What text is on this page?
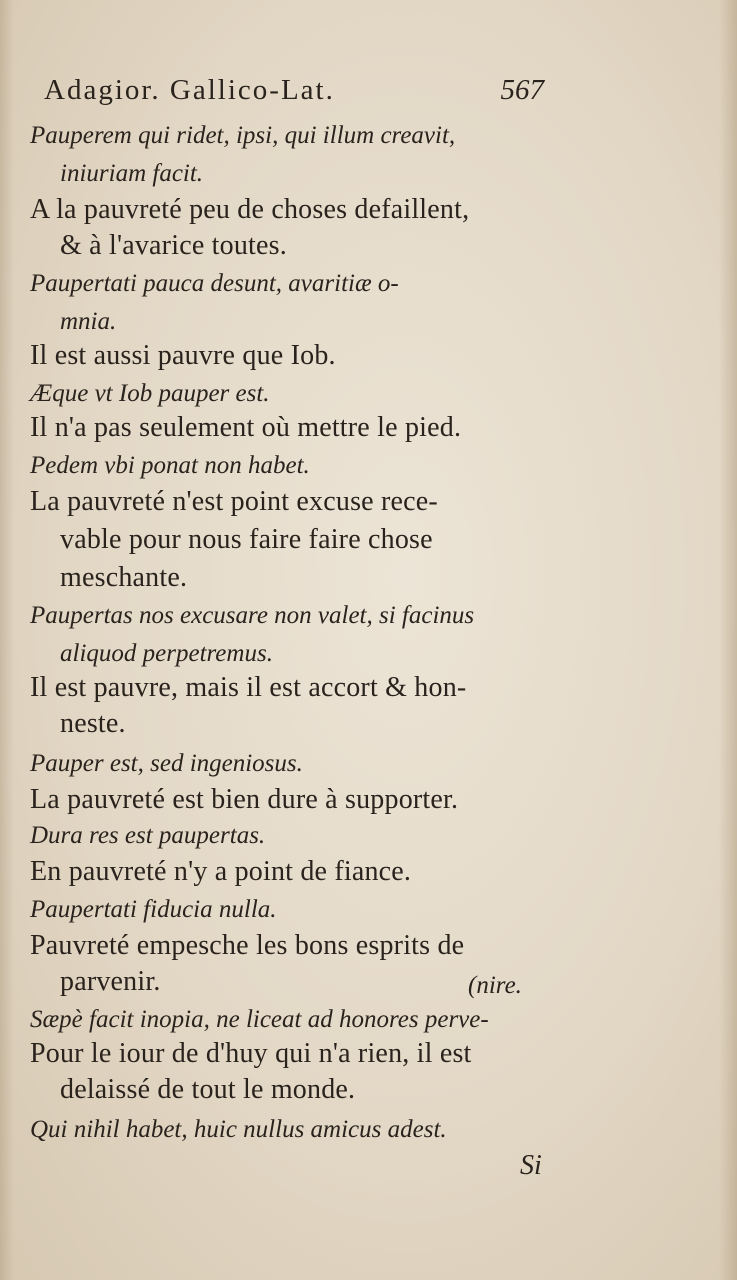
Adagior. Gallico-Lat.	567
Pauperem qui ridet, ipsi, qui illum creavit,
iniuriam facit.
A la pauvreté peu de choses defaillent,
& à l'avarice toutes.
Paupertati pauca desunt, avaritiæ o-
mnia.
Il est aussi pauvre que Iob.
Æque vt Iob pauper est.
Il n'a pas seulement où mettre le pied.
Pedem vbi ponat non habet.
La pauvreté n'est point excuse rece-
vable pour nous faire faire chose
meschante.
Paupertas nos excusare non valet, si facinus
aliquod perpetremus.
Il est pauvre, mais il est accort & hon-
neste.
Pauper est, sed ingeniosus.
La pauvreté est bien dure à supporter.
Dura res est paupertas.
En pauvreté n'y a point de fiance.
Paupertati fiducia nulla.
Pauvreté empesche les bons esprits de
parvenir.	(nire.
Sæpè facit inopia, ne liceat ad honores perve-
Pour le iour de d'huy qui n'a rien, il est
delaissé de tout le monde.
Qui nihil habet, huic nullus amicus adest.
Si
